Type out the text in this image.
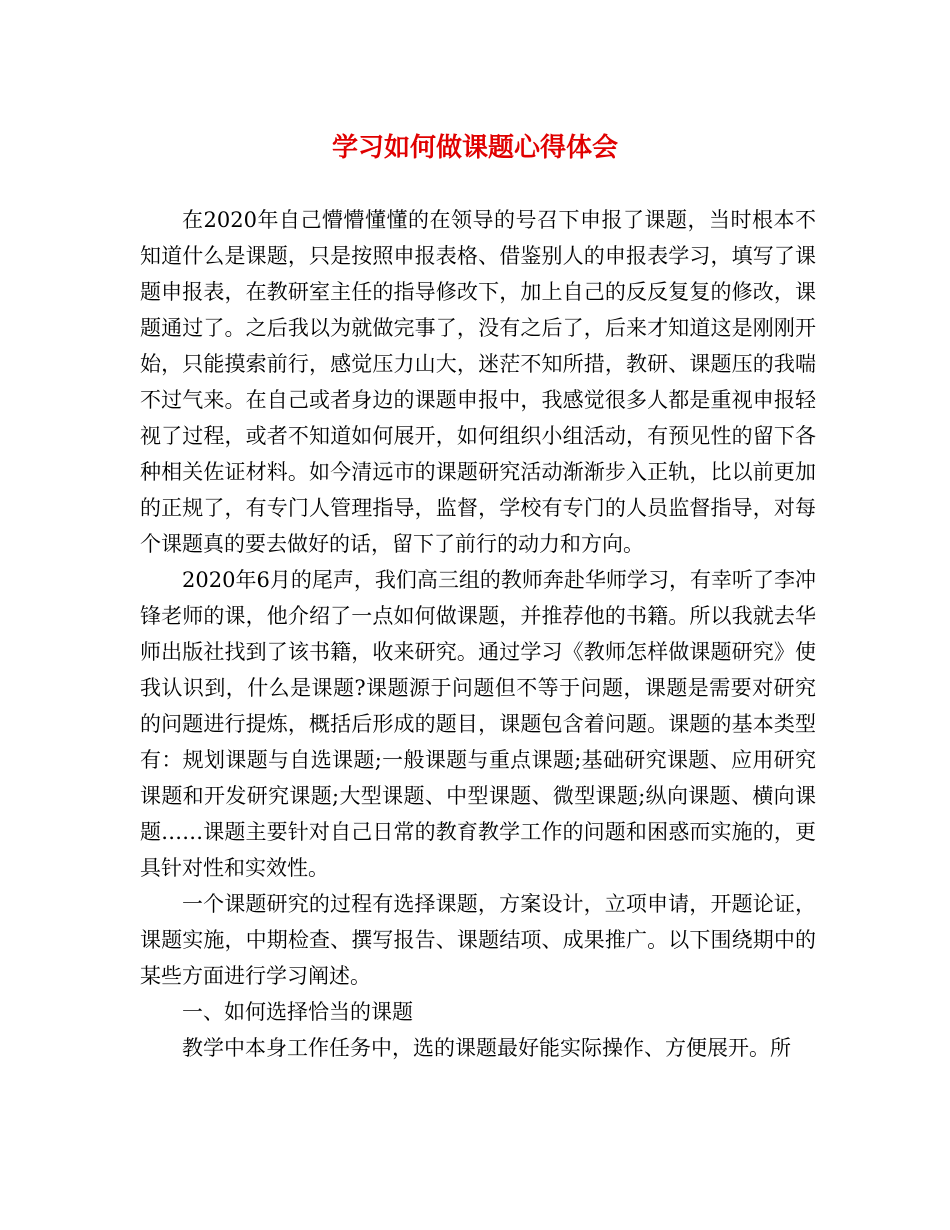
学习如何做课题心得体会

在2020年自己懵懵懂懂的在领导的号召下申报了课题，当时根本不知道什么是课题，只是按照申报表格、借鉴别人的申报表学习，填写了课题申报表，在教研室主任的指导修改下，加上自己的反反复复的修改，课题通过了。之后我以为就做完事了，没有之后了，后来才知道这是刚刚开始，只能摸索前行，感觉压力山大，迷茫不知所措，教研、课题压的我喘不过气来。在自己或者身边的课题申报中，我感觉很多人都是重视申报轻视了过程，或者不知道如何展开，如何组织小组活动，有预见性的留下各种相关佐证材料。如今清远市的课题研究活动渐渐步入正轨，比以前更加的正规了，有专门人管理指导，监督，学校有专门的人员监督指导，对每个课题真的要去做好的话，留下了前行的动力和方向。

2020年6月的尾声，我们高三组的教师奔赴华师学习，有幸听了李冲锋老师的课，他介绍了一点如何做课题，并推荐他的书籍。所以我就去华师出版社找到了该书籍，收来研究。通过学习《教师怎样做课题研究》使我认识到，什么是课题?课题源于问题但不等于问题，课题是需要对研究的问题进行提炼，概括后形成的题目，课题包含着问题。课题的基本类型有：规划课题与自选课题;一般课题与重点课题;基础研究课题、应用研究课题和开发研究课题;大型课题、中型课题、微型课题;纵向课题、横向课题……课题主要针对自己日常的教育教学工作的问题和困惑而实施的，更具针对性和实效性。

一个课题研究的过程有选择课题，方案设计，立项申请，开题论证，课题实施，中期检查、撰写报告、课题结项、成果推广。以下围绕期中的某些方面进行学习阐述。

一、如何选择恰当的课题

教学中本身工作任务中，选的课题最好能实际操作、方便展开。所
